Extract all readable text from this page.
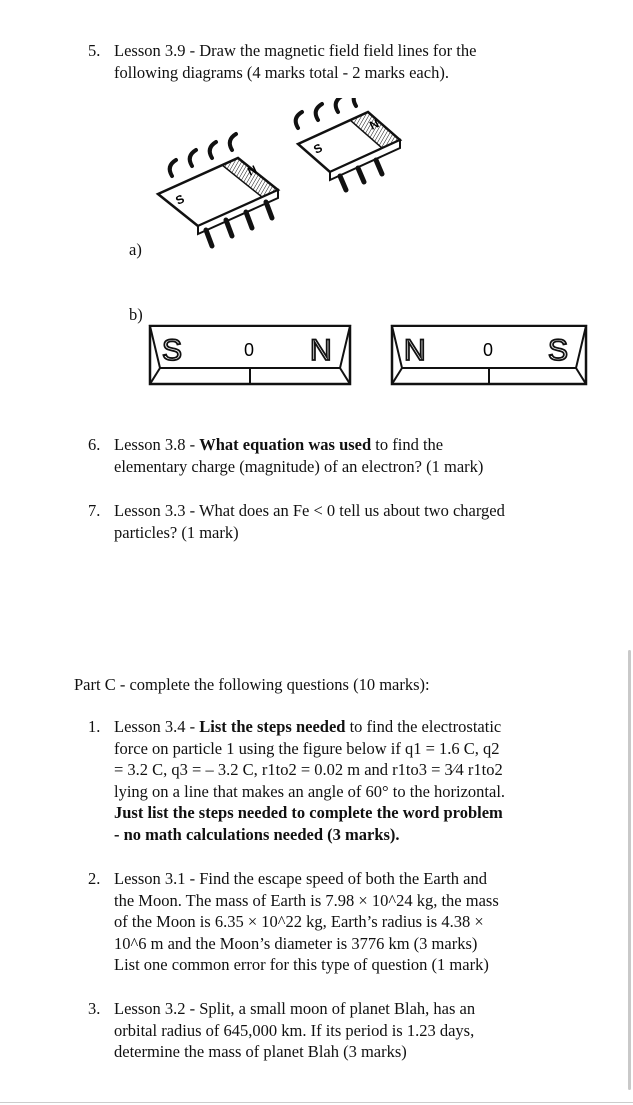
5. Lesson 3.9 - Draw the magnetic field field lines for the
following diagrams (4 marks total - 2 marks each).
S
N
S
N
a)
b)
0
S	N	0
N	S
6. Lesson 3.8 - What equation was used to find the
elementary charge (magnitude) of an electron? (1 mark)
7. Lesson 3.3 - What does an Fe < 0 tell us about two charged
particles? (1 mark)
Part C - complete the following questions (10 marks):
1. Lesson 3.4 - List the steps needed to find the electrostatic
force on particle 1 using the figure below if q1 = 1.6 C, q2
= 3.2 C, q3 = – 3.2 C, r1to2 = 0.02 m and r1to3 = 3⁄4 r1to2
lying on a line that makes an angle of 60° to the horizontal.
Just list the steps needed to complete the word problem
- no math calculations needed (3 marks).
2. Lesson 3.1 - Find the escape speed of both the Earth and
the Moon. The mass of Earth is 7.98 × 10^24 kg, the mass
of the Moon is 6.35 × 10^22 kg, Earth’s radius is 4.38 ×
10^6 m and the Moon’s diameter is 3776 km (3 marks)
List one common error for this type of question (1 mark)
3. Lesson 3.2 - Split, a small moon of planet Blah, has an
orbital radius of 645,000 km. If its period is 1.23 days,
determine the mass of planet Blah (3 marks)
